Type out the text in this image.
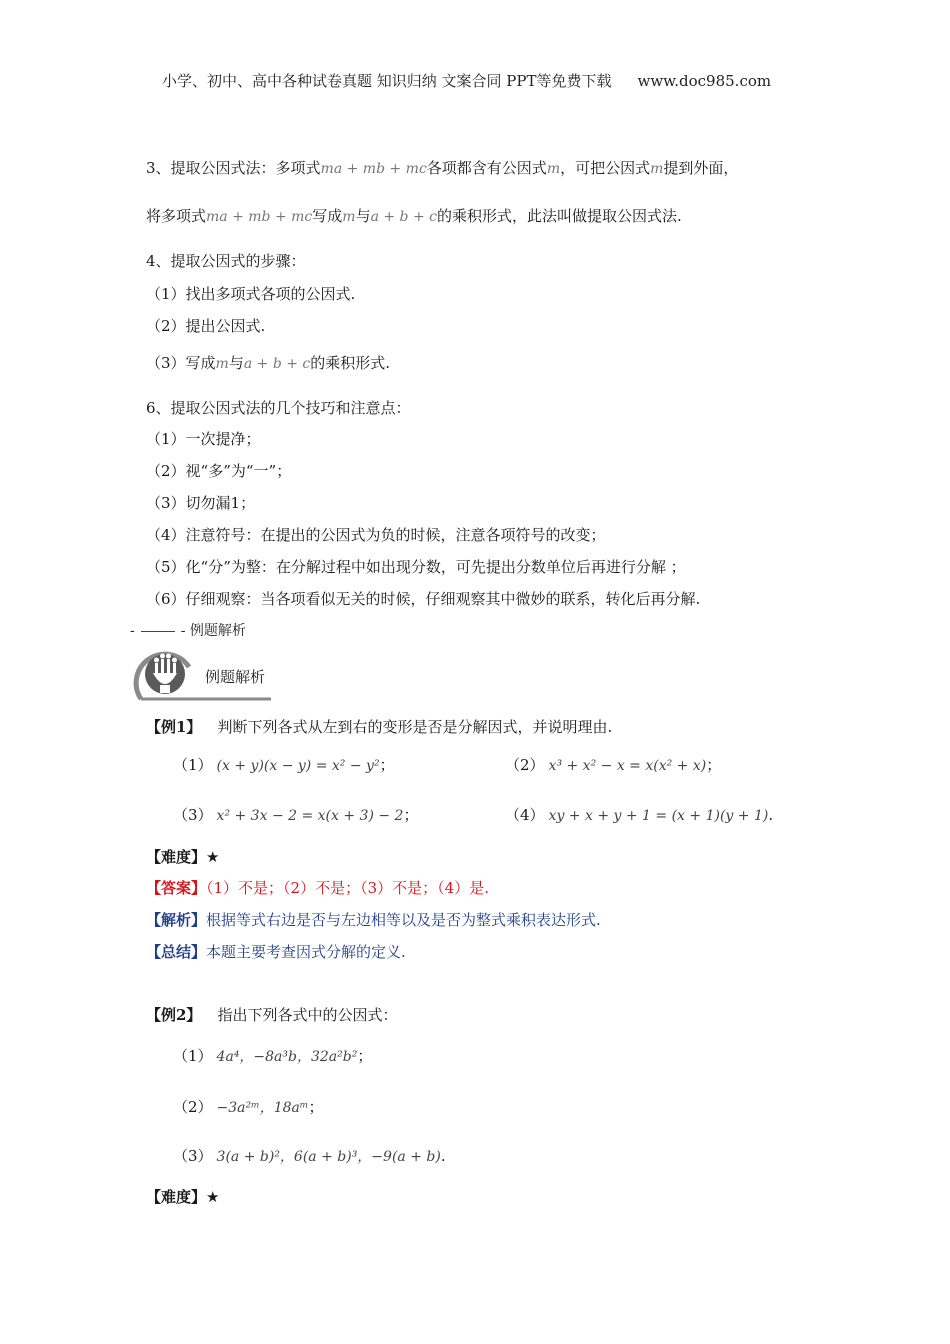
小学、初中、高中各种试卷真题 知识归纳 文案合同 PPT等免费下载 www.doc985.com
3、提取公因式法：多项式ma + mb + mc各项都含有公因式m，可把公因式m提到外面，
将多项式ma + mb + mc写成m与a + b + c的乘积形式，此法叫做提取公因式法.
4、提取公因式的步骤：
（1）找出多项式各项的公因式.
（2）提出公因式.
（3）写成m与a + b + c的乘积形式.
6、提取公因式法的几个技巧和注意点：
（1）一次提净；
（2）视“多”为“一”；
（3）切勿漏1；
（4）注意符号：在提出的公因式为负的时候，注意各项符号的改变；
（5）化“分”为整：在分解过程中如出现分数，可先提出分数单位后再进行分解 ；
（6）仔细观察：当各项看似无关的时候，仔细观察其中微妙的联系，转化后再分解.
-	- 例题解析
例题解析
【例1】 判断下列各式从左到右的变形是否是分解因式，并说明理由.
（1） (x + y)(x − y) = x² − y²；	（2） x³ + x² − x = x(x² + x)；
（3） x² + 3x − 2 = x(x + 3) − 2；	（4） xy + x + y + 1 = (x + 1)(y + 1).
【难度】★
【答案】（1）不是；（2）不是；（3）不是；（4）是.
【解析】根据等式右边是否与左边相等以及是否为整式乘积表达形式.
【总结】本题主要考查因式分解的定义.
【例2】 指出下列各式中的公因式：
（1） 4a⁴，−8a³b，32a²b²；
（2） −3a²ᵐ，18aᵐ；
（3） 3(a + b)²，6(a + b)³，−9(a + b).
【难度】★
